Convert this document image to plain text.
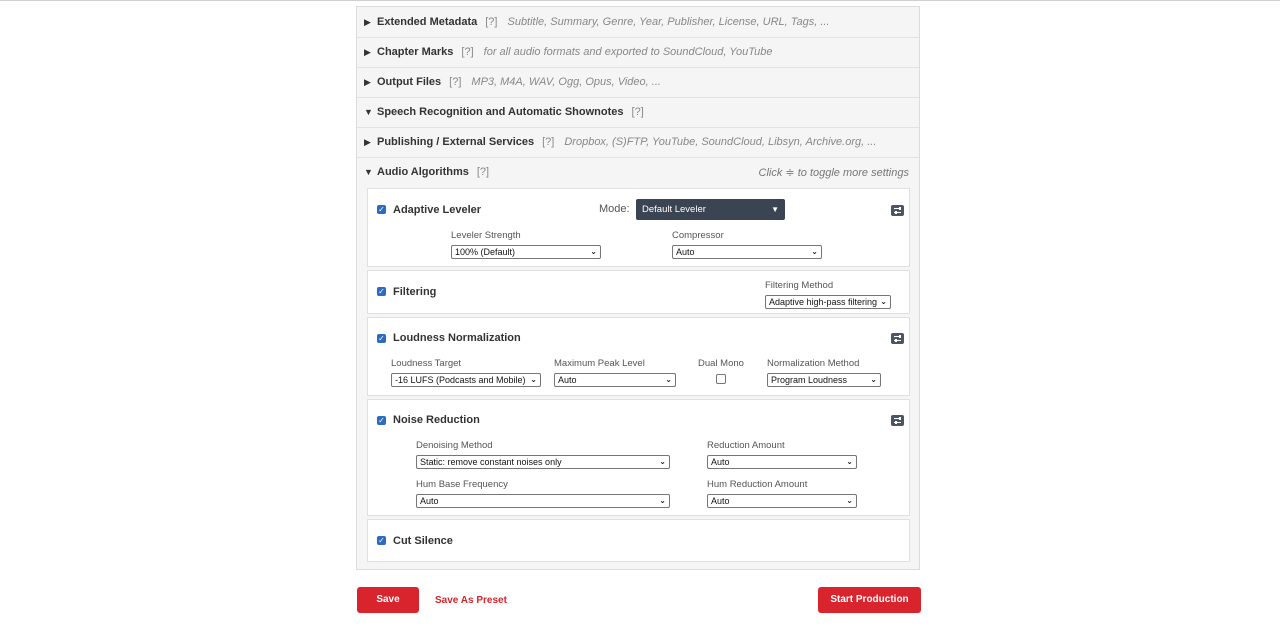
▶ Extended Metadata [?] Subtitle, Summary, Genre, Year, Publisher, License, URL, Tags, ...
▶ Chapter Marks [?] for all audio formats and exported to SoundCloud, YouTube
▶ Output Files [?] MP3, M4A, WAV, Ogg, Opus, Video, ...
▼ Speech Recognition and Automatic Shownotes [?]
▶ Publishing / External Services [?] Dropbox, (S)FTP, YouTube, SoundCloud, Libsyn, Archive.org, ...
▼ Audio Algorithms [?]	Click ≑ to toggle more settings
✓ Adaptive Leveler	Mode:	Default Leveler	▼
Leveler Strength
100% (Default)	⌄
Compressor
Auto	⌄
✓ Filtering
Filtering Method
Adaptive high-pass filtering ⌄
✓ Loudness Normalization
Loudness Target
-16 LUFS (Podcasts and Mobile) ⌄
Maximum Peak Level
Auto	⌄
Dual Mono Normalization Method
Program Loudness	⌄
✓ Noise Reduction
Denoising Method
Static: remove constant noises only	⌄
Reduction Amount
Auto	⌄
Hum Base Frequency
Auto	⌄
Hum Reduction Amount
Auto	⌄
✓ Cut Silence
Save	Save As Preset	Start Production
